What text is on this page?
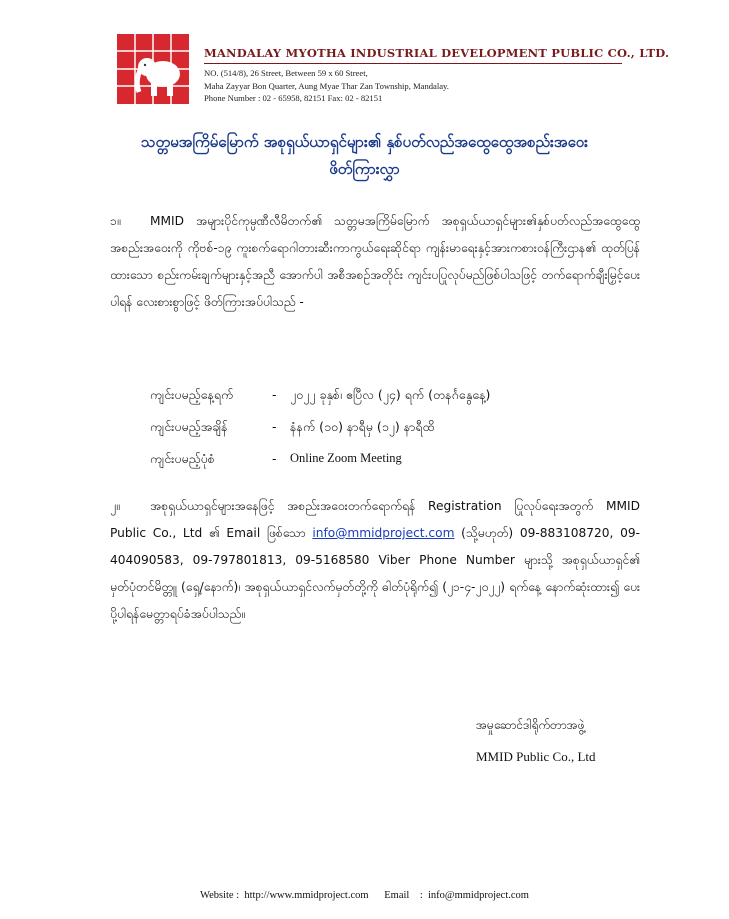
MANDALAY MYOTHA INDUSTRIAL DEVELOPMENT PUBLIC CO., LTD.
NO. (514/8), 26 Street, Between 59 x 60 Street,
Maha Zayyar Bon Quarter, Aung Myae Thar Zan Township, Mandalay.
Phone Number : 02 - 65958, 82151 Fax: 02 - 82151
သတ္တမအကြိမ်မြောက် အစုရှယ်ယာရှင်များ၏ နှစ်ပတ်လည်အထွေထွေအစည်းအဝေး
ဖိတ်ကြားလွှာ
၁။ MMID အများပိုင်ကုမ္ပဏီလီမိတက်၏ သတ္တမအကြိမ်မြောက် အစုရှယ်ယာရှင်များ၏နှစ်ပတ်လည်အထွေထွေအစည်းအဝေးကို ကိုဗစ်-၁၉ ကူးစက်ရောဂါတားဆီးကာကွယ်ရေးဆိုင်ရာ ကျန်းမာရေးနှင့်အားကစားဝန်ကြီးဌာန၏ ထုတ်ပြန်ထားသော စည်းကမ်းချက်များနှင့်အညီ အောက်ပါ အစီအစဉ်အတိုင်း ကျင်းပပြုလုပ်မည်ဖြစ်ပါသဖြင့် တက်ရောက်ချီးမြှင့်ပေးပါရန် လေးစားစွာဖြင့် ဖိတ်ကြားအပ်ပါသည် -
ကျင်းပမည့်နေ့ရက်	- ၂၀၂၂ ခုနှစ်၊ ဧပြီလ (၂၄) ရက် (တနင်္ဂနွေနေ့)
ကျင်းပမည့်အချိန်	- နံနက် (၁၀) နာရီမှ (၁၂) နာရီထိ
ကျင်းပမည့်ပုံစံ	- Online Zoom Meeting
၂။ အစုရှယ်ယာရှင်များအနေဖြင့် အစည်းအဝေးတက်ရောက်ရန် Registration ပြုလုပ်ရေးအတွက် MMID Public Co., Ltd ၏ Email ဖြစ်သော info@mmidproject.com (သို့မဟုတ်) 09-883108720, 09-404090583, 09-797801813, 09-5168580 Viber Phone Number များသို့ အစုရှယ်ယာရှင်၏ မှတ်ပုံတင်မိတ္တူ (ရှေ့/နောက်)၊ အစုရှယ်ယာရှင်လက်မှတ်တို့ကို ဓါတ်ပုံရိုက်၍ (၂၁-၄-၂၀၂၂) ရက်နေ့ နောက်ဆုံးထား၍ ပေးပို့ပါရန်မေတ္တာရပ်ခံအပ်ပါသည်။
အမှုဆောင်ဒါရိုက်တာအဖွဲ့
MMID Public Co., Ltd
Website :  http://www.mmidproject.com      Email    :  info@mmidproject.com
